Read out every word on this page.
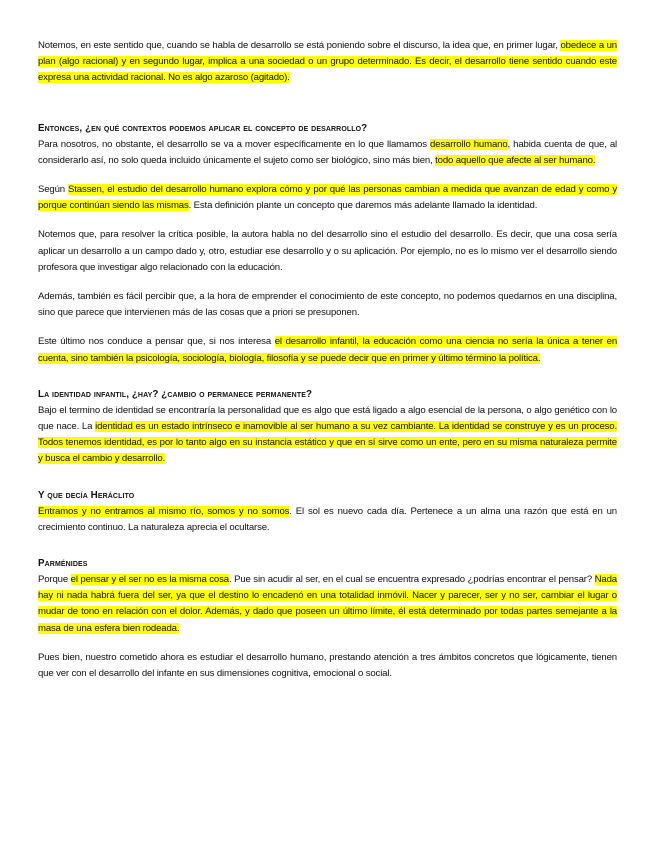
Notemos, en este sentido que, cuando se habla de desarrollo se está poniendo sobre el discurso, la idea que, en primer lugar, obedece a un plan (algo racional) y en segundo lugar, implica a una sociedad o un grupo determinado. Es decir, el desarrollo tiene sentido cuando este expresa una actividad racional. No es algo azaroso (agitado).

Entonces, ¿en qué contextos podemos aplicar el concepto de desarrollo?

Para nosotros, no obstante, el desarrollo se va a mover específicamente en lo que llamamos desarrollo humano, habida cuenta de que, al considerarlo así, no solo queda incluido únicamente el sujeto como ser biológico, sino más bien, todo aquello que afecte al ser humano.

Según Stassen, el estudio del desarrollo humano explora cómo y por qué las personas cambian a medida que avanzan de edad y como y porque continúan siendo las mismas. Esta definición plante un concepto que daremos más adelante llamado la identidad.

Notemos que, para resolver la crítica posible, la autora habla no del desarrollo sino el estudio del desarrollo. Es decir, que una cosa sería aplicar un desarrollo a un campo dado y, otro, estudiar ese desarrollo y o su aplicación. Por ejemplo, no es lo mismo ver el desarrollo siendo profesora que investigar algo relacionado con la educación.

Además, también es fácil percibir que, a la hora de emprender el conocimiento de este concepto, no podemos quedarnos en una disciplina, sino que parece que intervienen más de las cosas que a priori se presuponen.

Este último nos conduce a pensar que, si nos interesa el desarrollo infantil, la educación como una ciencia no sería la única a tener en cuenta, sino también la psicología, sociología, biología, filosofía y se puede decir que en primer y último término la política.

La identidad infantil, ¿hay? ¿cambio o permanece permanente?

Bajo el termino de identidad se encontraría la personalidad que es algo que está ligado a algo esencial de la persona, o algo genético con lo que nace. La identidad es un estado intrínseco e inamovible al ser humano a su vez cambiante. La identidad se construye y es un proceso. Todos tenemos identidad, es por lo tanto algo en su instancia estático y que en sí sirve como un ente, pero en su misma naturaleza permite y busca el cambio y desarrollo.

Y que decía Heráclito

Entramos y no entramos al mismo río, somos y no somos. El sol es nuevo cada día. Pertenece a un alma una razón que está en un crecimiento continuo. La naturaleza aprecia el ocultarse.

Parménides

Porque el pensar y el ser no es la misma cosa. Pue sin acudir al ser, en el cual se encuentra expresado ¿podrías encontrar el pensar? Nada hay ni nada habrá fuera del ser, ya que el destino lo encadenó en una totalidad inmóvil. Nacer y parecer, ser y no ser, cambiar el lugar o mudar de tono en relación con el dolor. Además, y dado que poseen un último límite, él está determinado por todas partes semejante a la masa de una esfera bien rodeada.

Pues bien, nuestro cometido ahora es estudiar el desarrollo humano, prestando atención a tres ámbitos concretos que lógicamente, tienen que ver con el desarrollo del infante en sus dimensiones cognitiva, emocional o social.
